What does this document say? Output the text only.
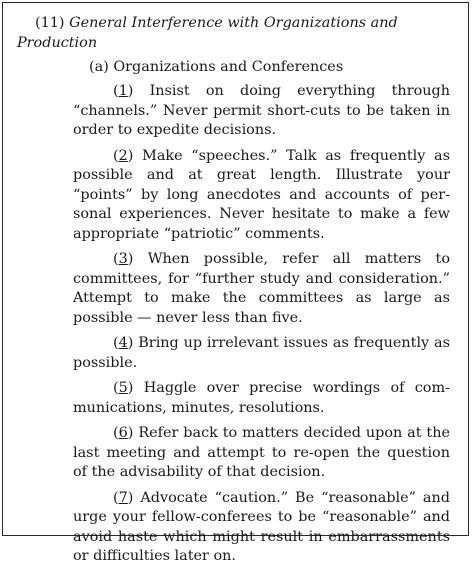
(11) General Interference with Organizations and Production

(a) Organizations and Conferences

(1) Insist on doing everything through “channels.” Never permit short-cuts to be taken in order to expedite decisions.

(2) Make “speeches.” Talk as frequently as possible and at great length. Illustrate your “points” by long anecdotes and accounts of personal experiences. Never hesitate to make a few appropriate “patriotic” comments.

(3) When possible, refer all matters to committees, for “further study and consideration.” Attempt to make the committees as large as possible — never less than five.

(4) Bring up irrelevant issues as frequently as possible.

(5) Haggle over precise wordings of communications, minutes, resolutions.

(6) Refer back to matters decided upon at the last meeting and attempt to re-open the question of the advisability of that decision.

(7) Advocate “caution.” Be “reasonable” and urge your fellow-conferees to be “reasonable” and avoid haste which might result in embarrassments or difficulties later on.
